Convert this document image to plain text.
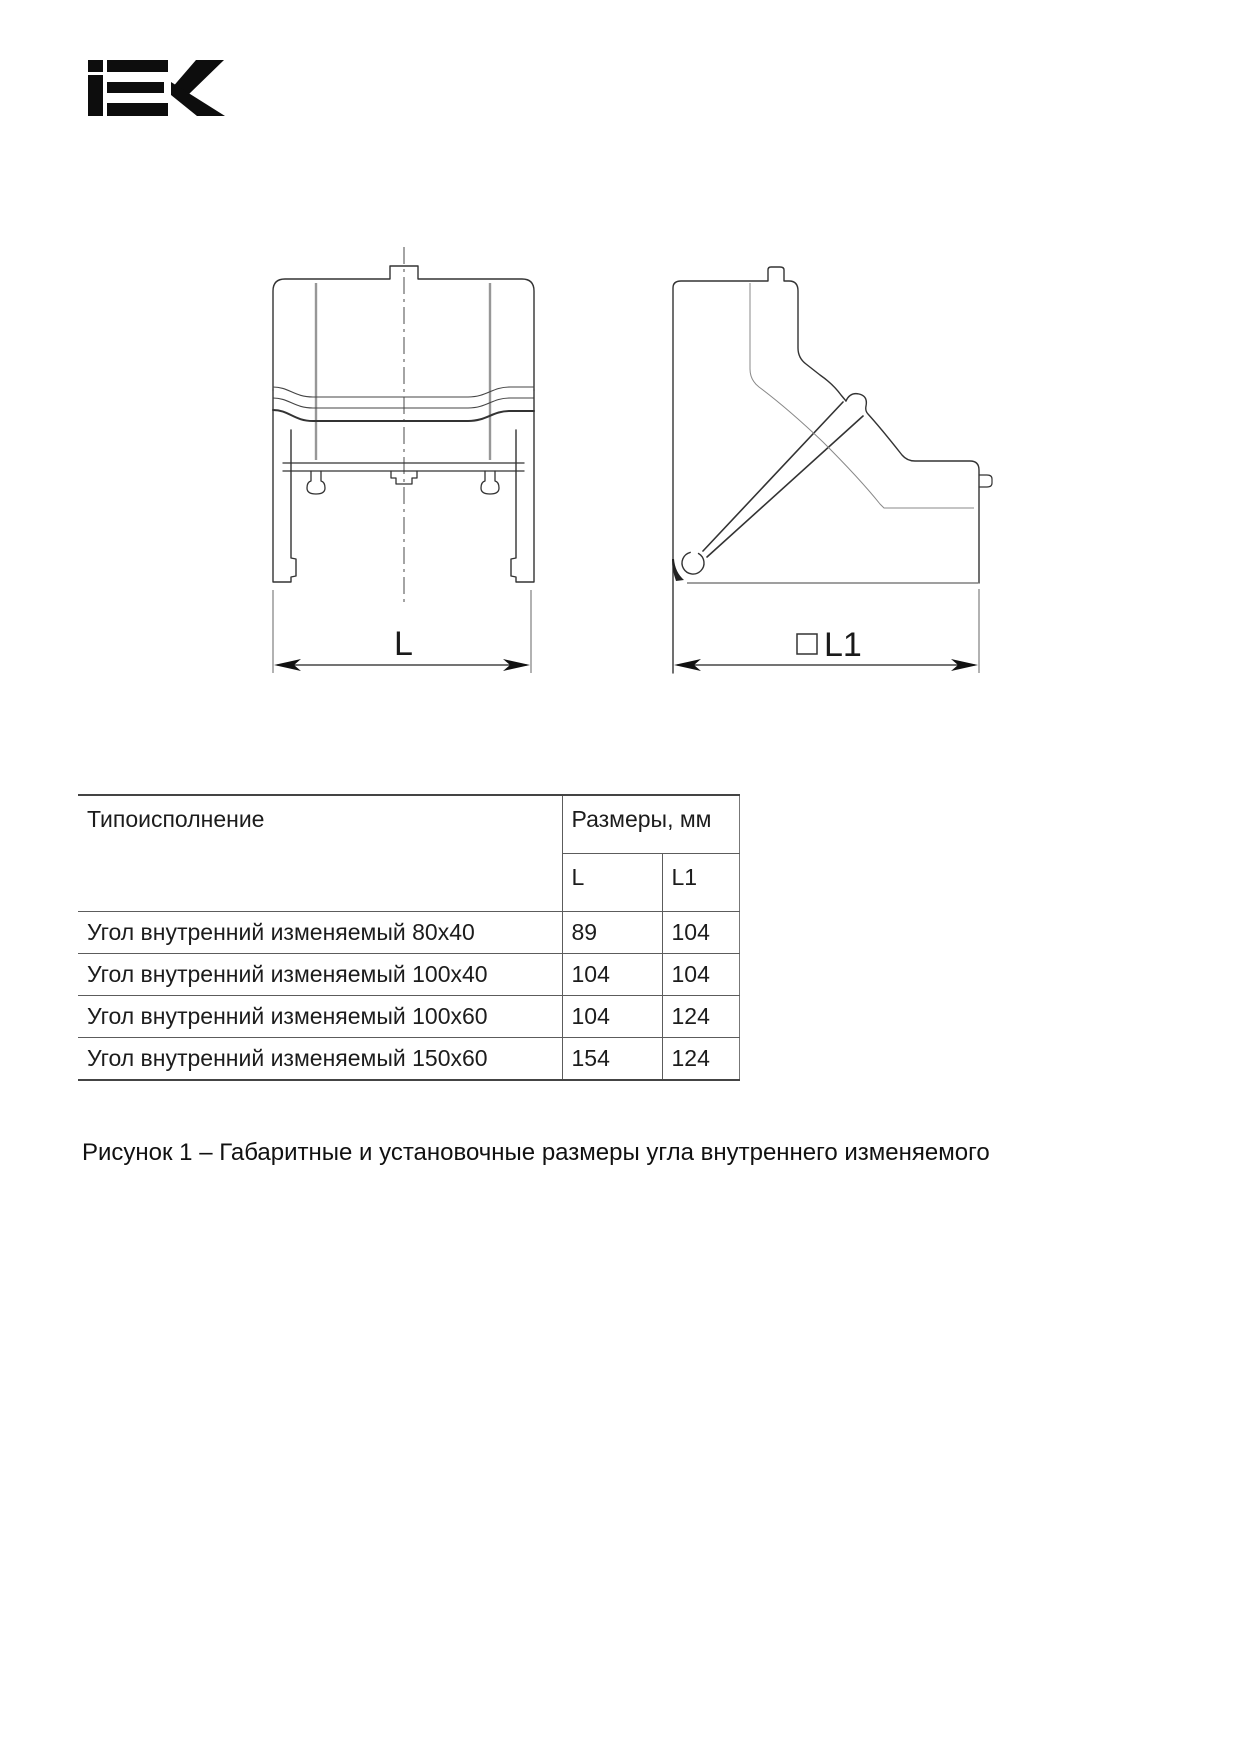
L	L1
Типоисполнение	Размеры, мм	
	L	L1
Угол внутренний изменяемый 80х40	89	104
Угол внутренний изменяемый 100х40	104	104
Угол внутренний изменяемый 100х60	104	124
Угол внутренний изменяемый 150х60	154	124
Рисунок 1 – Габаритные и установочные размеры угла внутреннего изменяемого
